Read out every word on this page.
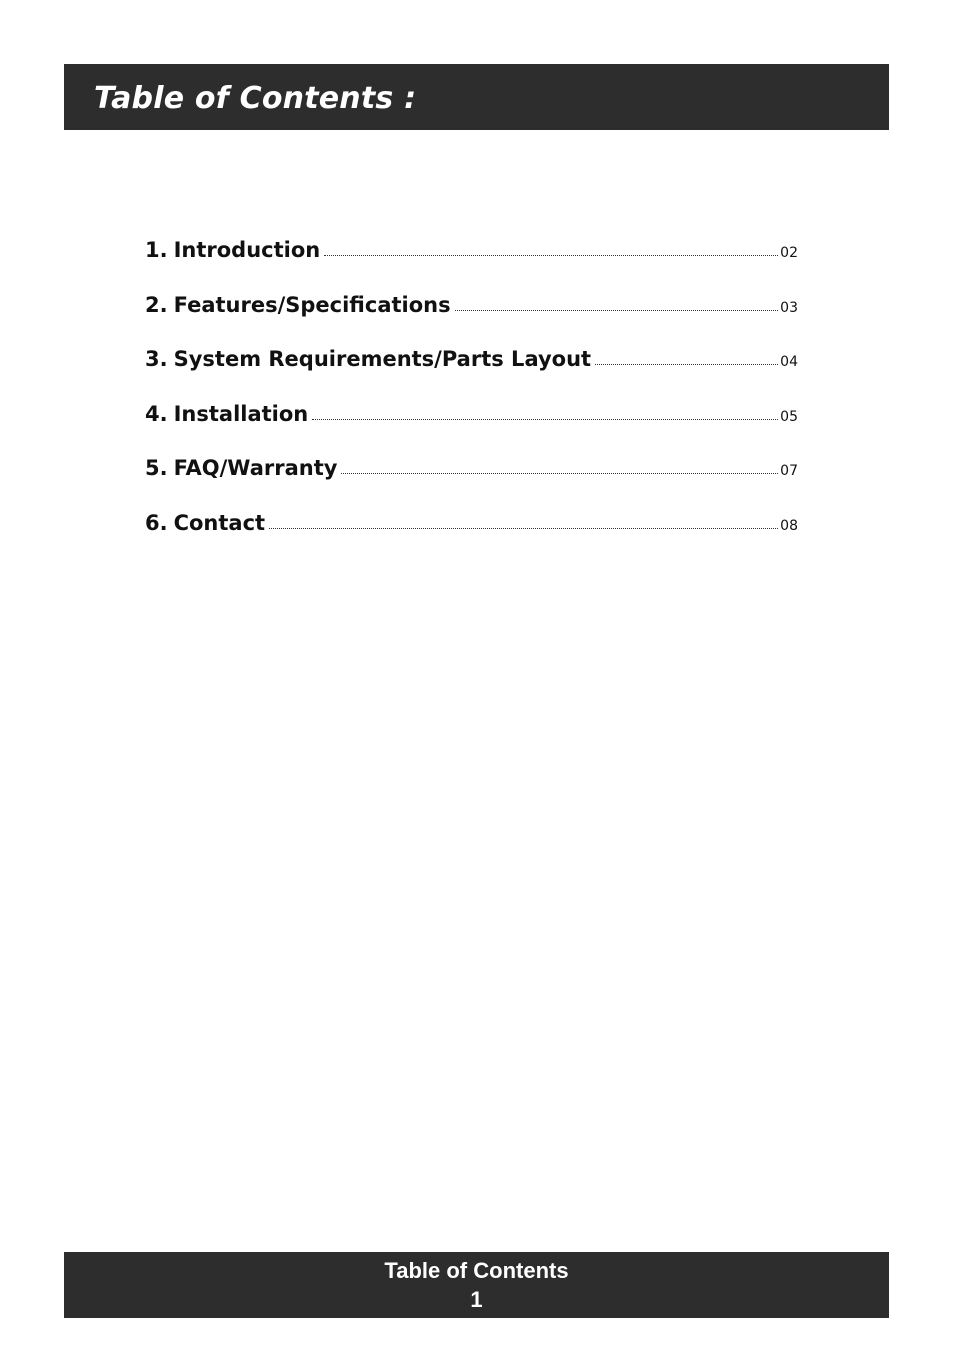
Table of Contents :
1. Introduction	02
2. Features/Specifications	03
3. System Requirements/Parts Layout	04
4. Installation	05
5. FAQ/Warranty	07
6. Contact	08
Table of Contents
1
